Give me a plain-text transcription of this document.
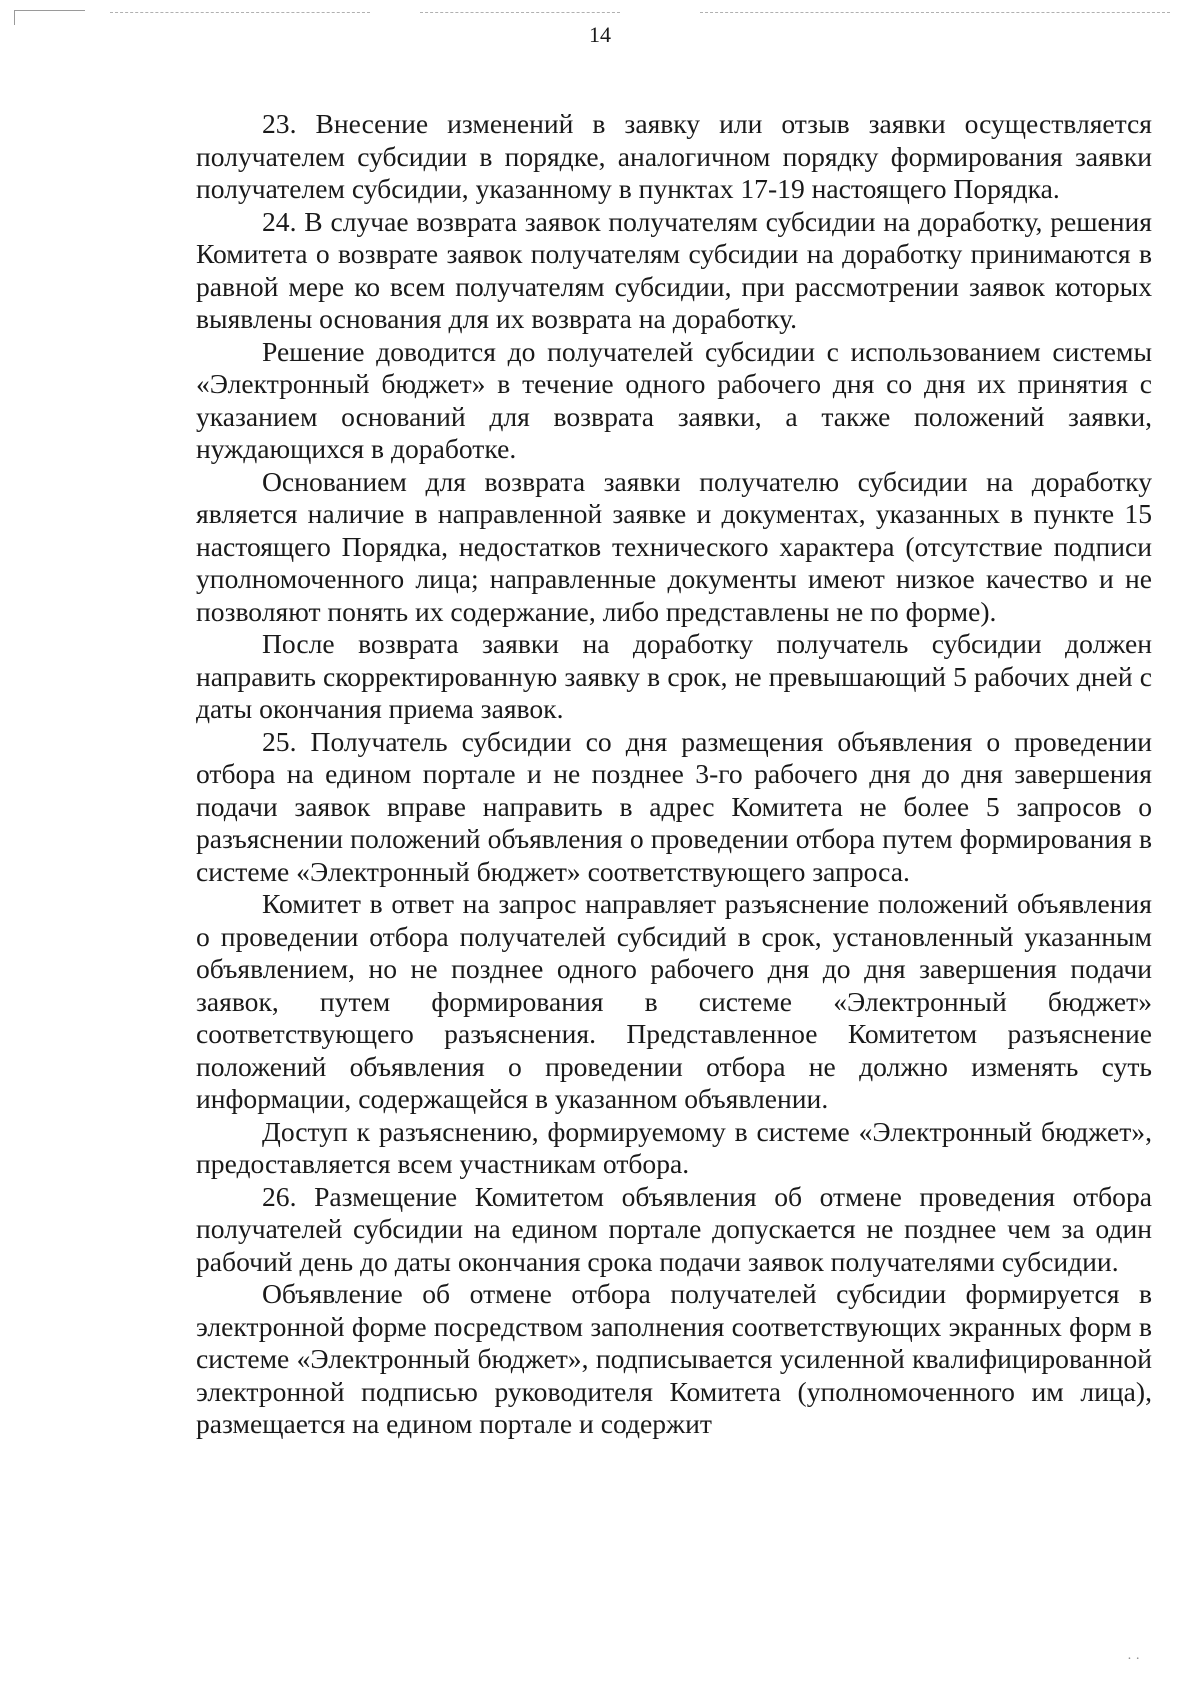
14

23. Внесение изменений в заявку или отзыв заявки осуществляется получателем субсидии в порядке, аналогичном порядку формирования заявки получателем субсидии, указанному в пунктах 17-19 настоящего Порядка.

24. В случае возврата заявок получателям субсидии на доработку, решения Комитета о возврате заявок получателям субсидии на доработку принимаются в равной мере ко всем получателям субсидии, при рассмотрении заявок которых выявлены основания для их возврата на доработку.

Решение доводится до получателей субсидии с использованием системы «Электронный бюджет» в течение одного рабочего дня со дня их принятия с указанием оснований для возврата заявки, а также положений заявки, нуждающихся в доработке.

Основанием для возврата заявки получателю субсидии на доработку является наличие в направленной заявке и документах, указанных в пункте 15 настоящего Порядка, недостатков технического характера (отсутствие подписи уполномоченного лица; направленные документы имеют низкое качество и не позволяют понять их содержание, либо представлены не по форме).

После возврата заявки на доработку получатель субсидии должен направить скорректированную заявку в срок, не превышающий 5 рабочих дней с даты окончания приема заявок.

25. Получатель субсидии со дня размещения объявления о проведении отбора на едином портале и не позднее 3-го рабочего дня до дня завершения подачи заявок вправе направить в адрес Комитета не более 5 запросов о разъяснении положений объявления о проведении отбора путем формирования в системе «Электронный бюджет» соответствующего запроса.

Комитет в ответ на запрос направляет разъяснение положений объявления о проведении отбора получателей субсидий в срок, установленный указанным объявлением, но не позднее одного рабочего дня до дня завершения подачи заявок, путем формирования в системе «Электронный бюджет» соответствующего разъяснения. Представленное Комитетом разъяснение положений объявления о проведении отбора не должно изменять суть информации, содержащейся в указанном объявлении.

Доступ к разъяснению, формируемому в системе «Электронный бюджет», предоставляется всем участникам отбора.

26. Размещение Комитетом объявления об отмене проведения отбора получателей субсидии на едином портале допускается не позднее чем за один рабочий день до даты окончания срока подачи заявок получателями субсидии.

Объявление об отмене отбора получателей субсидии формируется в электронной форме посредством заполнения соответствующих экранных форм в системе «Электронный бюджет», подписывается усиленной квалифицированной электронной подписью руководителя Комитета (уполномоченного им лица), размещается на едином портале и содержит

· ·
